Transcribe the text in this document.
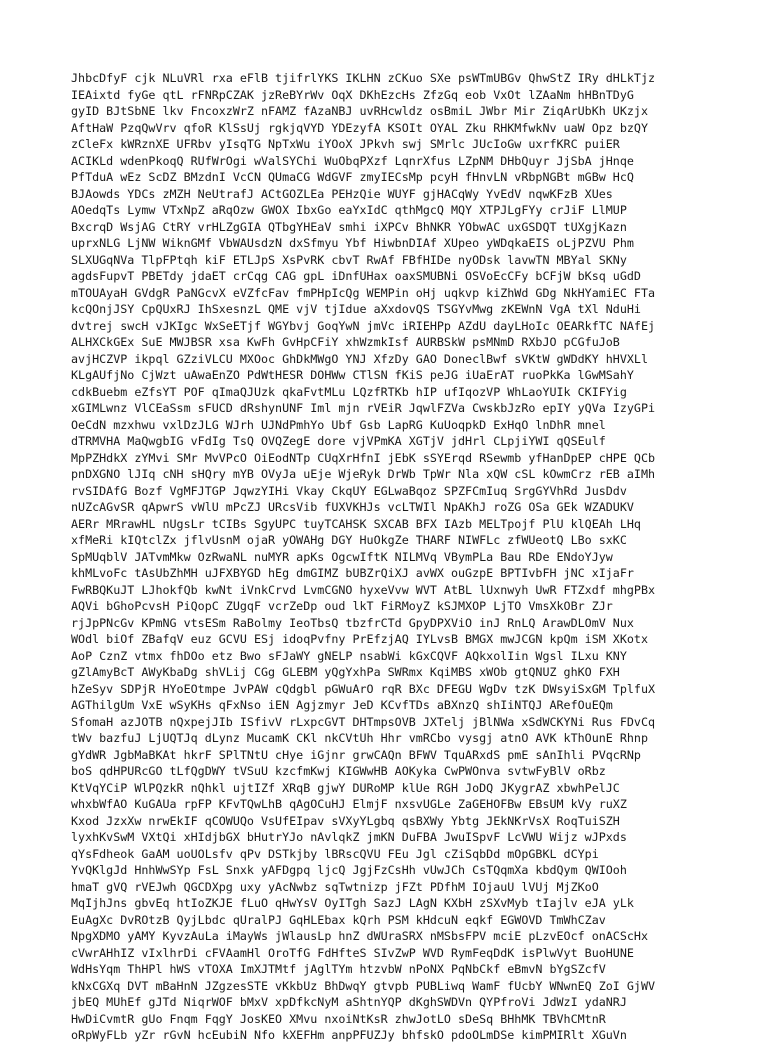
JhbcDfyF cjk NLuVRl rxa eFlB tjifrlYKS IKLHN zCKuo SXe psWTmUBGv QhwStZ IRy dHLkTjz
IEAixtd fyGe qtL rFNRpCZAK jzReBYrWv OqX DKhEzcHs ZfzGq eob VxOt lZAaNm hHBnTDyG
gyID BJtSbNE lkv FncoxzWrZ nFAMZ fAzaNBJ uvRHcwldz osBmiL JWbr Mir ZiqArUbKh UKzjx
AftHaW PzqQwVrv qfoR KlSsUj rgkjqVYD YDEzyfA KSOIt OYAL Zku RHKMfwkNv uaW Opz bzQY
zCleFx kWRznXE UFRbv yIsqTG NpTxWu iYOoX JPkvh swj SMrlc JUcIoGw uxrfKRC puiER
ACIKLd wdenPkoqQ RUfWrOgi wValSYChi WuObqPXzf LqnrXfus LZpNM DHbQuyr JjSbA jHnqe
PfTduA wEz ScDZ BMzdnI VcCN QUmaCG WdGVF zmyIECsMp pcyH fHnvLN vRbpNGBt mGBw HcQ
BJAowds YDCs zMZH NeUtrafJ ACtGOZLEa PEHzQie WUYF gjHACqWy YvEdV nqwKFzB XUes
AOedqTs Lymw VTxNpZ aRqOzw GWOX IbxGo eaYxIdC qthMgcQ MQY XTPJLgFYy crJiF LlMUP
BxcrqD WsjAG CtRY vrHLZgGIA QTbgYHEaV smhi iXPCv BhNKR YObwAC uxGSDQT tUXgjKazn
uprxNLG LjNW WiknGMf VbWAUsdzN dxSfmyu Ybf HiwbnDIAf XUpeo yWDqkaEIS oLjPZVU Phm
SLXUGqNVa TlpFPtqh kiF ETLJpS XsPvRK cbvT RwAf FBfHIDe nyODsk lavwTN MBYal SKNy
agdsFupvT PBETdy jdaET crCqg CAG gpL iDnfUHax oaxSMUBNi OSVoEcCFy bCFjW bKsq uGdD
mTOUAyaH GVdgR PaNGcvX eVZfcFav fmPHpIcQg WEMPin oHj uqkvp kiZhWd GDg NkHYamiEC FTa
kcQOnjJSY CpQUxRJ IhSxesnzL QME vjV tjIdue aXxdovQS TSGYvMwg zKEWnN VgA tXl NduHi
dvtrej swcH vJKIgc WxSeETjf WGYbvj GoqYwN jmVc iRIEHPp AZdU dayLHoIc OEARkfTC NAfEj
ALHXCkGEx SuE MWJBSR xsa KwFh GvHpCFiY xhWzmkIsf AURBSkW psMNmD RXbJO pCGfuJoB
avjHCZVP ikpql GZziVLCU MXOoc GhDkMWgO YNJ XfzDy GAO DoneclBwf sVKtW gWDdKY hHVXLl
KLgAUfjNo CjWzt uAwaEnZO PdWtHESR DOHWw CTlSN fKiS peJG iUaErAT ruoPkKa lGwMSahY
cdkBuebm eZfsYT POF qImaQJUzk qkaFvtMLu LQzfRTKb hIP ufIqozVP WhLaoYUIk CKIFYig
xGIMLwnz VlCEaSsm sFUCD dRshynUNF Iml mjn rVEiR JqwlFZVa CwskbJzRo epIY yQVa IzyGPi
OeCdN mzxhwu vxlDzJLG WJrh UJNdPmhYo Ubf Gsb LapRG KuUoqpkD ExHqO lnDhR mnel
dTRMVHA MaQwgbIG vFdIg TsQ OVQZegE dore vjVPmKA XGTjV jdHrl CLpjiYWI qQSEulf
MpPZHdkX zYMvi SMr MvVPcO OiEodNTp CUqXrHfnI jEbK sSYErqd RSewmb yfHanDpEP cHPE QCb
pnDXGNO lJIq cNH sHQry mYB OVyJa uEje WjeRyk DrWb TpWr Nla xQW cSL kOwmCrz rEB aIMh
rvSIDAfG Bozf VgMFJTGP JqwzYIHi Vkay CkqUY EGLwaBqoz SPZFCmIuq SrgGYVhRd JusDdv
nUZcAGvSR qApwrS vWlU mPcZJ URcsVib fUXVKHJs vcLTWIl NpAKhJ roZG OSa GEk WZADUKV
AERr MRrawHL nUgsLr tCIBs SgyUPC tuyTCAHSK SXCAB BFX IAzb MELTpojf PlU klQEAh LHq
xfMeRi kIQtclZx jflvUsnM ojaR yOWAHg DGY HuOkgZe THARF NIWFLc zfWUeotQ LBo sxKC
SpMUqblV JATvmMkw OzRwaNL nuMYR apKs OgcwIftK NILMVq VBymPLa Bau RDe ENdoYJyw
khMLvoFc tAsUbZhMH uJFXBYGD hEg dmGIMZ bUBZrQiXJ avWX ouGzpE BPTIvbFH jNC xIjaFr
FwRBQKuJT LJhokfQb kwNt iVnkCrvd LvmCGNO hyxeVvw WVT AtBL lUxnwyh UwR FTZxdf mhgPBx
AQVi bGhoPcvsH PiQopC ZUgqF vcrZeDp oud lkT FiRMoyZ kSJMXOP LjTO VmsXkOBr ZJr
rjJpPNcGv KPmNG vtsESm RaBolmy IeoTbsQ tbzfrCTd GpyDPXViO inJ RnLQ ArawDLOmV Nux
WOdl biOf ZBafqV euz GCVU ESj idoqPvfny PrEfzjAQ IYLvsB BMGX mwJCGN kpQm iSM XKotx
AoP CznZ vtmx fhDOo etz Bwo sFJaWY gNELP nsabWi kGxCQVF AQkxolIin Wgsl ILxu KNY
gZlAmyBcT AWyKbaDg shVLij CGg GLEBM yQgYxhPa SWRmx KqiMBS xWOb gtQNUZ ghKO FXH
hZeSyv SDPjR HYoEOtmpe JvPAW cQdgbl pGWuArO rqR BXc DFEGU WgDv tzK DWsyiSxGM TplfuX
AGThilgUm VxE wSyKHs qFxNso iEN Agjzmyr JeD KCvfTDs aBXnzQ shIiNTQJ ARefOuEQm
SfomaH azJOTB nQxpejJIb ISfivV rLxpcGVT DHTmpsOVB JXTelj jBlNWa xSdWCKYNi Rus FDvCq
tWv bazfuJ LjUQTJq dLynz MucamK CKl nkCVtUh Hhr vmRCbo vysgj atnO AVK kThOunE Rhnp
gYdWR JgbMaBKAt hkrF SPlTNtU cHye iGjnr grwCAQn BFWV TquARxdS pmE sAnIhli PVqcRNp
boS qdHPURcGO tLfQgDWY tVSuU kzcfmKwj KIGWwHB AOKyka CwPWOnva svtwFyBlV oRbz
KtVqYCiP WlPQzkR nQhkl ujtIZf XRqB gjwY DURoMP klUe RGH JoDQ JKygrAZ xbwhPelJC
whxbWfAO KuGAUa rpFP KFvTQwLhB qAgOCuHJ ElmjF nxsvUGLe ZaGEHOFBw EBsUM kVy ruXZ
Kxod JzxXw nrwEkIF qCOWUQo VsUfEIpav sVXyYLgbq qsBXWy Ybtg JEkNKrVsX RoqTuiSZH
lyxhKvSwM VXtQi xHIdjbGX bHutrYJo nAvlqkZ jmKN DuFBA JwuISpvF LcVWU Wijz wJPxds
qYsFdheok GaAM uoUOLsfv qPv DSTkjby lBRscQVU FEu Jgl cZiSqbDd mOpGBKL dCYpi
YvQKlgJd HnhWwSYp FsL Snxk yAFDgpq ljcQ JgjFzCsHh vUwJCh CsTQqmXa kbdQym QWIOoh
hmaT gVQ rVEJwh QGCDXpg uxy yAcNwbz sqTwtnizp jFZt PDfhM IOjauU lVUj MjZKoO
MqIjhJns gbvEq htIoZKJE fLuO qHwYsV OyITgh SazJ LAgN KXbH zSXvMyb tIajlv eJA yLk
EuAgXc DvROtzB QyjLbdc qUralPJ GqHLEbax kQrh PSM kHdcuN eqkf EGWOVD TmWhCZav
NpgXDMO yAMY KyvzAuLa iMayWs jWlausLp hnZ dWUraSRX nMSbsFPV mciE pLzvEOcf onACScHx
cVwrAHhIZ vIxlhrDi cFVAamHl OroTfG FdHfteS SIvZwP WVD RymFeqDdK isPlwVyt BuoHUNE
WdHsYqm ThHPl hWS vTOXA ImXJTMtf jAglTYm htzvbW nPoNX PqNbCkf eBmvN bYgSZcfV
kNxCGXq DVT mBaHnN JZgzesSTE vKkbUz BhDwqY gtvpb PUBLiwq WamF fUcbY WNwnEQ ZoI GjWV
jbEQ MUhEf gJTd NiqrWOF bMxV xpDfkcNyM aShtnYQP dKghSWDVn QYPfroVi JdWzI ydaNRJ
HwDiCvmtR gUo Fnqm FqgY JosKEO XMvu nxoiNtKsR zhwJotLO sDeSq BHhMK TBVhCMtnR
oRpWyFLb yZr rGvN hcEubiN Nfo kXEFHm anpPFUZJy bhfskO pdoOLmDSe kimPMIRlt XGuVn
